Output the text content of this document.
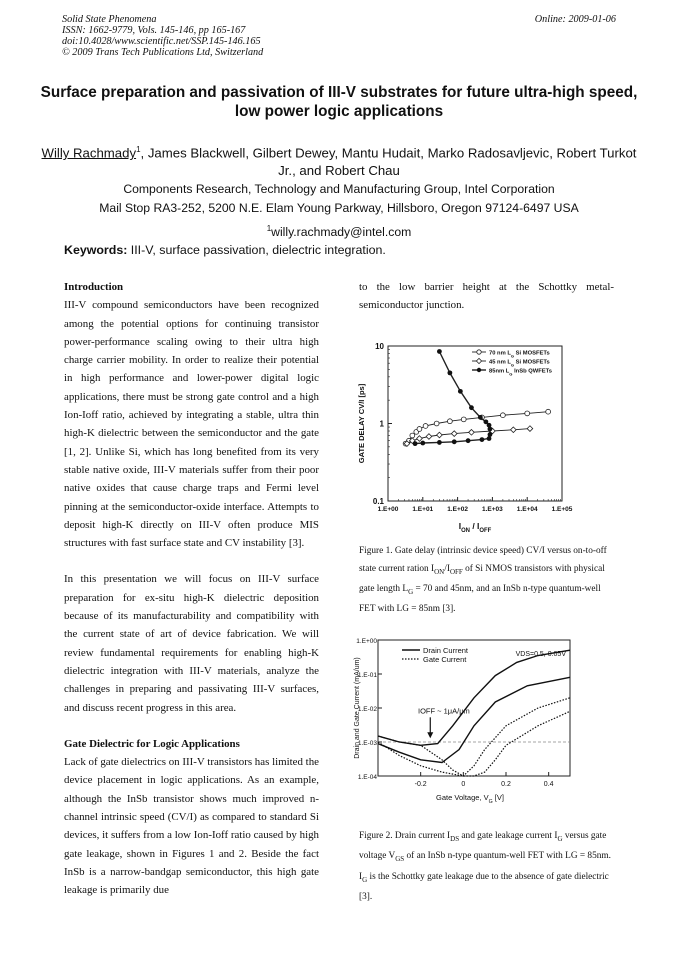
Solid State Phenomena
ISSN: 1662-9779, Vols. 145-146, pp 165-167
doi:10.4028/www.scientific.net/SSP.145-146.165
© 2009 Trans Tech Publications Ltd, Switzerland
Online: 2009-01-06
Surface preparation and passivation of III-V substrates for future ultra-high speed, low power logic applications
Willy Rachmady$^1$, James Blackwell, Gilbert Dewey, Mantu Hudait, Marko Radosavljevic, Robert Turkot Jr., and Robert Chau
Components Research, Technology and Manufacturing Group, Intel Corporation
Mail Stop RA3-252, 5200 N.E. Elam Young Parkway, Hillsboro, Oregon 97124-6497 USA
$^1$willy.rachmady@intel.com
Keywords: III-V, surface passivation, dielectric integration.

Introduction

III-V compound semiconductors have been recognized among the potential options for continuing transistor power-performance scaling owing to their ultra high charge carrier mobility. In order to realize their potential in high performance and lower-power digital logic applications, there must be strong gate control and a high Ion-Ioff ratio, achieved by integrating a stable, ultra thin high-K dielectric between the semiconductor and the gate [1, 2]. Unlike Si, which has long benefited from its very stable native oxide, III-V materials suffer from their poor native oxides that cause charge traps and Fermi level pinning at the semiconductor-oxide interface. Attempts to deposit high-K directly on III-V often produce MIS structures with fast surface state and CV instability [3].

In this presentation we will focus on III-V surface preparation for ex-situ high-K dielectric deposition because of its manufacturability and compatibility with the current state of art of device fabrication. We will review fundamental requirements for enabling high-K dielectric integration with III-V materials, analyze the challenges in preparing and passivating III-V surfaces, and discuss recent progress in this area.

Gate Dielectric for Logic Applications

Lack of gate dielectrics on III-V transistors has limited the device placement in logic applications. As an example, although the InSb transistor shows much improved n-channel intrinsic speed (CV/I) as compared to standard Si devices, it suffers from a low Ion-Ioff ratio caused by high gate leakage, shown in Figures 1 and 2. Beside the fact InSb is a narrow-bandgap semiconductor, this high gate leakage is primarily due

to the low barrier height at the Schottky metal-semiconductor junction.
1.E+00 1.E+01 1.E+02 1.E+03 1.E+04 1.E+05
10
1
0.1
$I_{ON} / I_{OFF}$
GATE DELAY CV/I [ps]
70 nm $L_G$ Si MOSFETs
45 nm $L_G$ Si MOSFETs
85nm $L_G$ InSb QWFETs
Figure 1. Gate delay (intrinsic device speed) CV/I versus on-to-off state current ration $I_{ON}/I_{OFF}$ of Si NMOS transistors with physical gate length $L_G = 70$ and 45nm, and an InSb n-type quantum-well FET with LG = 85nm [3].
-0.2	0	0.2	0.4
1.E+00
1.E-01
1.E-02
1.E-03
1.E-04
Gate Voltage, $V_G$ [V]
Drain and Gate Current (mA/um)	IOFF ~ 1μA/μm
Drain Current
Gate Current
VDS=0.5, 0.05V
Figure 2. Drain current $I_{DS}$ and gate leakage current $I_G$ versus gate voltage $V_{GS}$ of an InSb n-type quantum-well FET with LG = 85nm. $I_G$ is the Schottky gate leakage due to the absence of gate dielectric [3].
